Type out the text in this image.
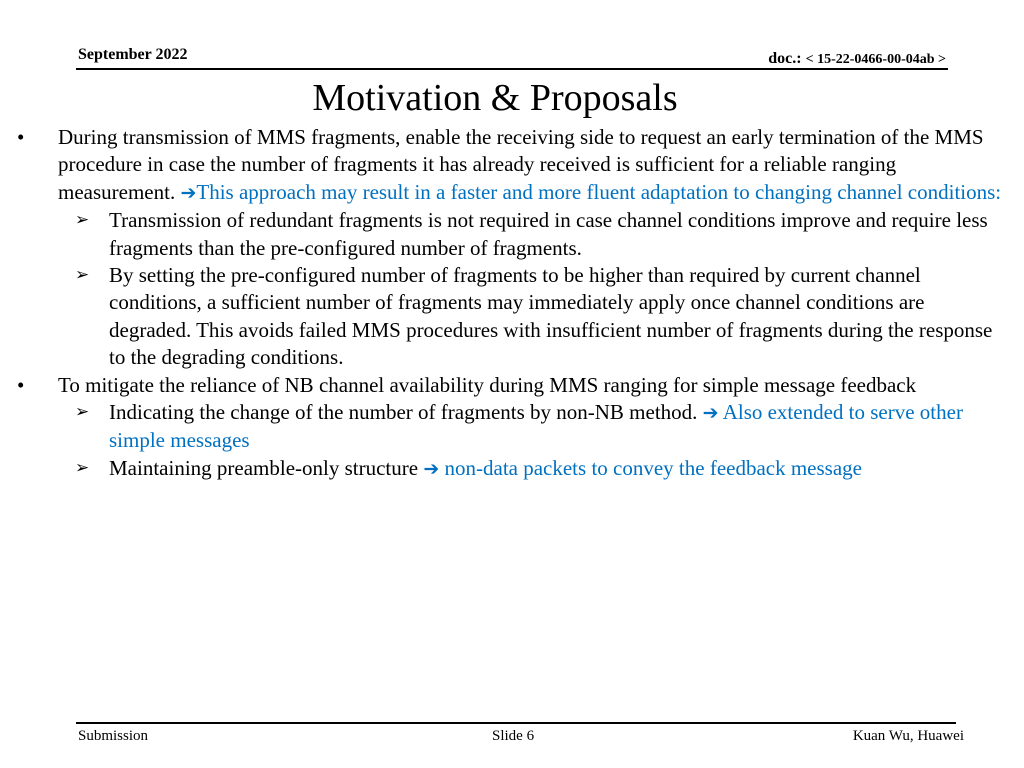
September 2022	doc.: < 15-22-0466-00-04ab >
Motivation & Proposals
• During transmission of MMS fragments, enable the receiving side to request an early termination of the MMS procedure in case the number of fragments it has already received is sufficient for a reliable ranging measurement. ➔This approach may result in a faster and more fluent adaptation to changing channel conditions:
➢ Transmission of redundant fragments is not required in case channel conditions improve and require less fragments than the pre-configured number of fragments.
➢ By setting the pre-configured number of fragments to be higher than required by current channel conditions, a sufficient number of fragments may immediately apply once channel conditions are degraded. This avoids failed MMS procedures with insufficient number of fragments during the response to the degrading conditions.
• To mitigate the reliance of NB channel availability during MMS ranging for simple message feedback
➢ Indicating the change of the number of fragments by non-NB method. ➔ Also extended to serve other simple messages
➢ Maintaining preamble-only structure ➔ non-data packets to convey the feedback message
Submission	Slide 6	Kuan Wu, Huawei
